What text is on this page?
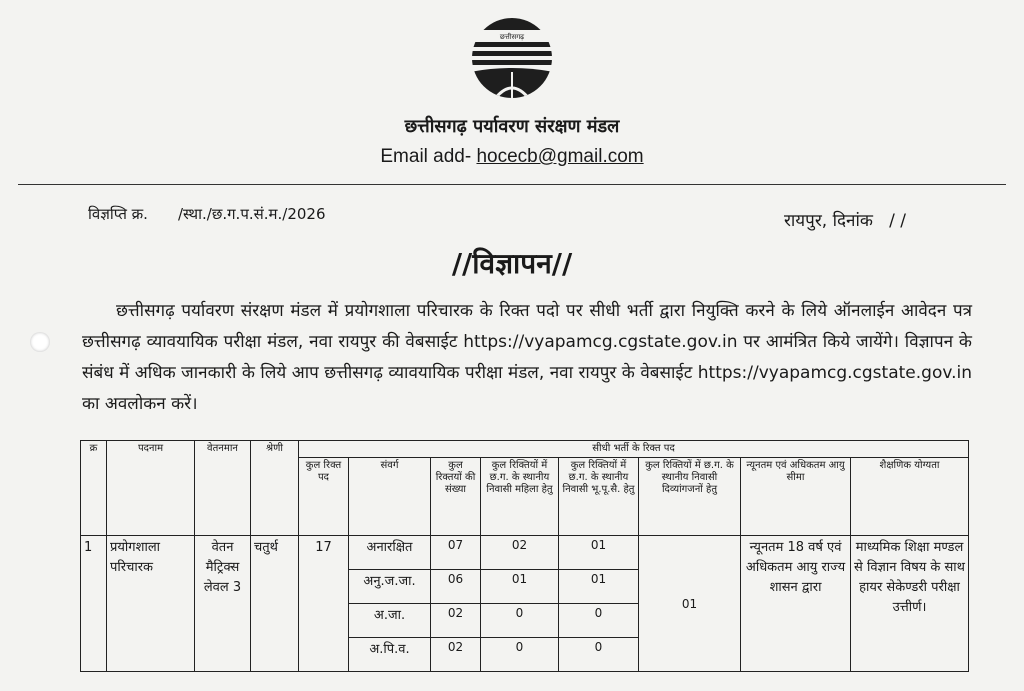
छत्तीसगढ़
छत्तीसगढ़ पर्यावरण संरक्षण मंडल
Email add- hocecb@gmail.com
विज्ञप्ति क्र. /स्था./छ.ग.प.सं.म./2026	रायपुर, दिनांक / /
//विज्ञापन//
छत्तीसगढ़ पर्यावरण संरक्षण मंडल में प्रयोगशाला परिचारक के रिक्त पदो पर सीधी भर्ती द्वारा नियुक्ति करने के लिये ऑनलाईन आवेदन पत्र छत्तीसगढ़ व्यावयायिक परीक्षा मंडल, नवा रायपुर की वेबसाईट https://vyapamcg.cgstate.gov.in पर आमंत्रित किये जायेंगे। विज्ञापन के संबंध में अधिक जानकारी के लिये आप छत्तीसगढ़ व्यावयायिक परीक्षा मंडल, नवा रायपुर के वेबसाईट https://vyapamcg.cgstate.gov.in का अवलोकन करें।
क्र	पदनाम	वेतनमान	श्रेणी	सीधी भर्ती के रिक्त पद							
				कुल रिक्त पद	संवर्ग	कुल रिक्तयों की संख्या	कुल रिक्तियों में छ.ग. के स्थानीय निवासी महिला हेतु	कुल रिक्तियों में छ.ग. के स्थानीय निवासी भू.पू.सै. हेतु	कुल रिक्तियों में छ.ग. के स्थानीय निवासी दिव्यांगजनों हेतु	न्यूनतम एवं अधिकतम आयु सीमा	शैक्षणिक योग्यता
1	प्रयोगशाला परिचारक	वेतन मैट्रिक्स लेवल 3	चतुर्थ	17	अनारक्षित	07	02	01	01	न्यूनतम 18 वर्ष एवं अधिकतम आयु राज्य शासन द्वारा	माध्यमिक शिक्षा मण्डल से विज्ञान विषय के साथ हायर सेकेण्डरी परीक्षा उत्तीर्ण।
					अनु.ज.जा.	06	01	01			
					अ.जा.	02	0	0			
					अ.पि.व.	02	0	0			
